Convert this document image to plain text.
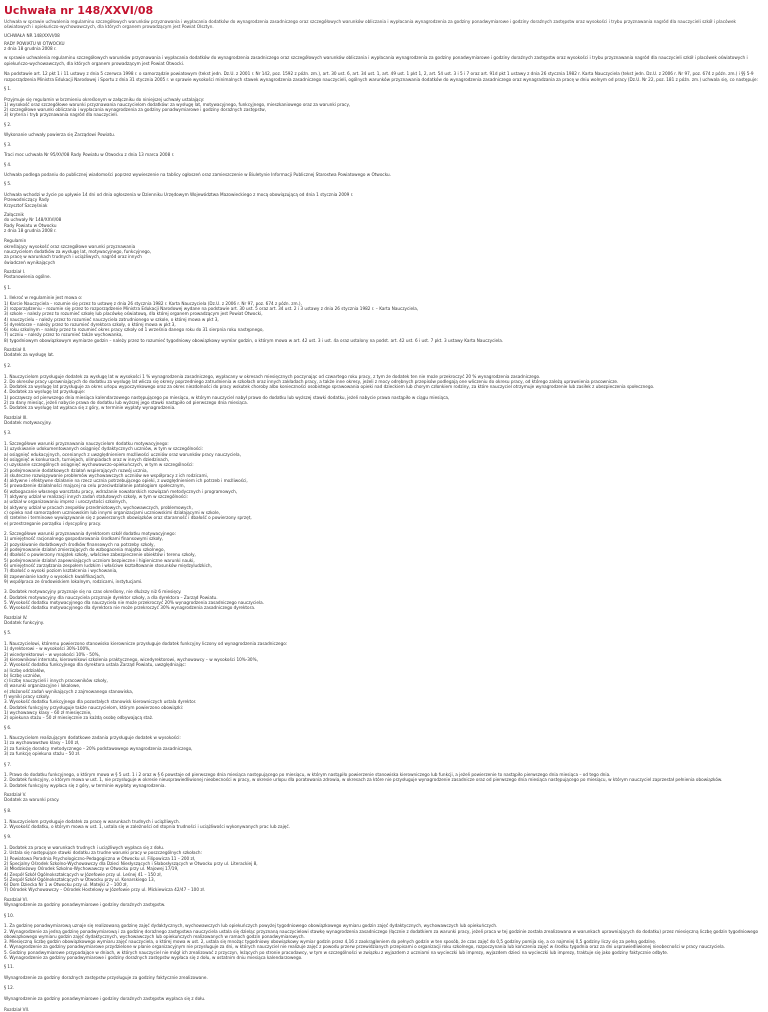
Uchwała nr 148/XXVI/08

Uchwała w sprawie uchwalenia regulaminu szczegółowych warunków przyznawania i wypłacania dodatków do wynagrodzenia zasadniczego oraz szczegółowych warunków obliczania i wypłacania wynagrodzenia za godziny ponadwymiarowe i godziny doraźnych zastępstw oraz wysokości i trybu przyznawania nagród dla nauczycieli szkół i placówek oświatowych i opiekuńczo-wychowawczych, dla których organem prowadzącym jest Powiat Olsztyn.

UCHWAŁA NR 148/XXVI/08

RADY POWIATU W OTWOCKU
z dnia 18 grudnia 2008 r.

w sprawie uchwalenia regulaminu szczegółowych warunków przyznawania i wypłacania dodatków do wynagrodzenia zasadniczego oraz szczegółowych warunków obliczania i wypłacania wynagrodzenia za godziny ponadwymiarowe i godziny doraźnych zastępstw oraz wysokości i trybu przyznawania nagród dla nauczycieli szkół i placówek oświatowych i opiekuńczo-wychowawczych, dla których organem prowadzącym jest Powiat Otwocki.

Na podstawie art. 12 pkt 1 i 11 ustawy z dnia 5 czerwca 1998 r. o samorządzie powiatowym (tekst jedn. Dz.U. z 2001 r. Nr 142, poz. 1592 z późn. zm.), art. 30 ust. 6, art. 34 ust. 1, art. 49 ust. 1 pkt 1, 2, art. 54 ust. 3 i 5 i 7 oraz art. 91d pkt 1 ustawy z dnia 26 stycznia 1982 r. Karta Nauczyciela (tekst jedn. Dz.U. z 2006 r. Nr 97, poz. 674 z późn. zm.) i §§ 5-9 rozporządzenia Ministra Edukacji Narodowej i Sportu z dnia 31 stycznia 2005 r. w sprawie wysokości minimalnych stawek wynagrodzenia zasadniczego nauczycieli, ogólnych warunków przyznawania dodatków do wynagrodzenia zasadniczego oraz wynagradzania za pracę w dniu wolnym od pracy (Dz.U. Nr 22, poz. 181 z późn. zm.) uchwala się, co następuje:

§ 1.

Przyjmuje się regulamin w brzmieniu określonym w załączniku do niniejszej uchwały ustalający:
1) wysokość oraz szczegółowe warunki przyznawania nauczycielom dodatków: za wysługę lat, motywacyjnego, funkcyjnego, mieszkaniowego oraz za warunki pracy,
2) szczegółowe warunki obliczania i wypłacania wynagrodzenia za godziny ponadwymiarowe i godziny doraźnych zastępstw,
3) kryteria i tryb przyznawania nagród dla nauczycieli.

§ 2.

Wykonanie uchwały powierza się Zarządowi Powiatu.

§ 3.

Traci moc uchwała Nr 95/XV/08 Rady Powiatu w Otwocku z dnia 13 marca 2008 r.

§ 4.

Uchwała podlega podaniu do publicznej wiadomości poprzez wywieszenie na tablicy ogłoszeń oraz zamieszczenie w Biuletynie Informacji Publicznej Starostwa Powiatowego w Otwocku.

§ 5.

Uchwała wchodzi w życie po upływie 14 dni od dnia ogłoszenia w Dzienniku Urzędowym Województwa Mazowieckiego z mocą obowiązującą od dnia 1 stycznia 2009 r.
Przewodniczący Rady
Krzysztof Szczęśniak

Załącznik
do uchwały Nr 148/XXVI/08
Rady Powiatu w Otwocku
z dnia 18 grudnia 2008 r.

Regulamin
określający wysokość oraz szczegółowe warunki przyznawania
nauczycielom dodatków za wysługę lat, motywacyjnego, funkcyjnego,
za pracę w warunkach trudnych i uciążliwych, nagród oraz innych
świadczeń wynikających

Rozdział I.
Postanowienia ogólne.

§ 1.

1. Ilekroć w regulaminie jest mowa o:
1) Karcie Nauczyciela – rozumie się przez to ustawę z dnia 26 stycznia 1982 r. Karta Nauczyciela (Dz.U. z 2006 r. Nr 97, poz. 674 z późn. zm.),
2) rozporządzeniu – rozumie się przez to rozporządzenie Ministra Edukacji Narodowej wydane na podstawie art. 30 ust. 5 oraz art. 34 ust. 2 i 3 ustawy z dnia 26 stycznia 1982 r. – Karta Nauczyciela,
3) szkole – należy przez to rozumieć szkołę lub placówkę oświatową, dla której organem prowadzącym jest Powiat Otwocki,
4) nauczycielu – należy przez to rozumieć nauczyciela zatrudnionego w szkole, o której mowa w pkt 3,
5) dyrektorze – należy przez to rozumieć dyrektora szkoły, o której mowa w pkt 3,
6) roku szkolnym – należy przez to rozumieć okres pracy szkoły od 1 września danego roku do 31 sierpnia roku następnego,
7) uczniu – należy przez to rozumieć także wychowanka,
8) tygodniowym obowiązkowym wymiarze godzin – należy przez to rozumieć tygodniowy obowiązkowy wymiar godzin, o którym mowa w art. 42 ust. 3 i ust. 4a oraz ustalony na podst. art. 42 ust. 6 i ust. 7 pkt. 3 ustawy Karta Nauczyciela.

Rozdział II.
Dodatek za wysługę lat.

§ 2.

1. Nauczycielom przysługuje dodatek za wysługę lat w wysokości 1 % wynagrodzenia zasadniczego, wypłacany w okresach miesięcznych poczynając od czwartego roku pracy, z tym że dodatek ten nie może przekroczyć 20 % wynagrodzenia zasadniczego.
2. Do okresów pracy uprawniających do dodatku za wysługę lat wlicza się okresy poprzedniego zatrudnienia w szkołach oraz innych zakładach pracy, a także inne okresy, jeżeli z mocy odrębnych przepisów podlegają one wliczeniu do okresu pracy, od którego zależą uprawnienia pracownicze.
3. Dodatek za wysługę lat przysługuje za okres urlopu wypoczynkowego oraz za okres niezdolności do pracy wskutek choroby albo konieczności osobistego sprawowania opieki nad dzieckiem lub chorym członkiem rodziny, za które nauczyciel otrzymuje wynagrodzenie lub zasiłek z ubezpieczenia społecznego.
4. Dodatek za wysługę lat przysługuje:
1) począwszy od pierwszego dnia miesiąca kalendarzowego następującego po miesiącu, w którym nauczyciel nabył prawo do dodatku lub wyższej stawki dodatku, jeżeli nabycie prawa nastąpiło w ciągu miesiąca,
2) za dany miesiąc, jeżeli nabycie prawa do dodatku lub wyższej jego stawki nastąpiło od pierwszego dnia miesiąca.
5. Dodatek za wysługę lat wypłaca się z góry, w terminie wypłaty wynagrodzenia.

Rozdział III.
Dodatek motywacyjny.

§ 3.

1. Szczegółowe warunki przyznawania nauczycielom dodatku motywacyjnego:
1) uzyskiwanie udokumentowanych osiągnięć dydaktycznych uczniów, w tym w szczególności:
a) osiągnięć edukacyjnych, ocenianych z uwzględnieniem możliwości uczniów oraz warunków pracy nauczyciela,
b) osiągnięć w konkursach, turniejach, olimpiadach oraz w innych dziedzinach,
c) uzyskanie szczególnych osiągnięć wychowawczo-opiekuńczych, w tym w szczególności:
2) podejmowanie dodatkowych działań wspierających rozwój ucznia,
3) skuteczne rozwiązywanie problemów wychowawczych uczniów we współpracy z ich rodzicami,
4) aktywne i efektywne działanie na rzecz ucznia potrzebującego opieki, z uwzględnieniem ich potrzeb i możliwości,
5) prowadzenie działalności mającej na celu przeciwdziałanie patologiom społecznym,
6) wzbogacanie własnego warsztatu pracy, wdrażanie nowatorskich rozwiązań metodycznych i programowych,
7) aktywny udział w realizacji innych zadań statutowych szkoły, w tym w szczególności:
a) udział w organizowaniu imprez i uroczystości szkolnych,
b) aktywny udział w pracach zespołów przedmiotowych, wychowawczych, problemowych,
c) opieka nad samorządem uczniowskim lub innymi organizacjami uczniowskimi działającymi w szkole,
d) rzetelne i terminowe wywiązywanie się z powierzonych obowiązków oraz staranność i dbałość o powierzony sprzęt,
e) przestrzeganie porządku i dyscypliny pracy.

2. Szczegółowe warunki przyznawania dyrektorom szkół dodatku motywacyjnego:
1) umiejętność racjonalnego gospodarowania środkami finansowymi szkoły,
2) pozyskiwanie dodatkowych środków finansowych na potrzeby szkoły,
3) podejmowanie działań zmierzających do wzbogacenia majątku szkolnego,
4) dbałość o powierzony majątek szkoły, właściwe zabezpieczenie obiektów i terenu szkoły,
5) podejmowanie działań zapewniających uczniom bezpieczne i higieniczne warunki nauki,
6) umiejętność zarządzania zespołem ludzkim i właściwe kształtowanie stosunków międzyludzkich,
7) dbałość o wysoki poziom kształcenia i wychowania,
8) zapewnianie kadry o wysokich kwalifikacjach,
9) współpraca ze środowiskiem lokalnym, rodzicami, instytucjami.

3. Dodatek motywacyjny przyznaje się na czas określony, nie dłuższy niż 6 miesięcy.
4. Dodatek motywacyjny dla nauczyciela przyznaje dyrektor szkoły, a dla dyrektora – Zarząd Powiatu.
5. Wysokość dodatku motywacyjnego dla nauczyciela nie może przekroczyć 20% wynagrodzenia zasadniczego nauczyciela.
6. Wysokość dodatku motywacyjnego dla dyrektora nie może przekroczyć 30% wynagrodzenia zasadniczego dyrektora.

Rozdział IV.
Dodatek funkcyjny.

§ 5.

1. Nauczycielowi, któremu powierzono stanowisko kierownicze przysługuje dodatek funkcyjny liczony od wynagrodzenia zasadniczego:
1) dyrektorowi – w wysokości 30%-100%,
2) wicedyrektorowi – w wysokości 10% - 50%,
3) kierownikowi internatu, kierownikowi szkolenia praktycznego, wicedyrektorowi, wychowawcy – w wysokości 10%-30%,
2. Wysokość dodatku funkcyjnego dla dyrektora ustala Zarząd Powiatu, uwzględniając:
a) liczbę oddziałów,
b) liczbę uczniów,
c) liczbę nauczycieli i innych pracowników szkoły,
d) warunki organizacyjne i lokalowe,
e) złożoność zadań wynikających z zajmowanego stanowiska,
f) wyniki pracy szkoły.
3. Wysokość dodatku funkcyjnego dla pozostałych stanowisk kierowniczych ustala dyrektor.
4. Dodatek funkcyjny przysługuje także nauczycielom, którym powierzono obowiązki:
1) wychowawcy klasy – 60 zł miesięcznie,
2) opiekuna stażu – 50 zł miesięcznie za każdą osobę odbywającą staż.

§ 6.

1. Nauczycielom realizującym dodatkowe zadania przysługuje dodatek w wysokości:
1) za wychowawstwo klasy – 100 zł,
2) za funkcję doradcy metodycznego – 20% podstawowego wynagrodzenia zasadniczego,
3) za funkcję opiekuna stażu – 50 zł.

§ 7.

1. Prawo do dodatku funkcyjnego, o którym mowa w § 5 ust. 1 i 2 oraz w § 6 powstaje od pierwszego dnia miesiąca następującego po miesiącu, w którym nastąpiło powierzenie stanowiska kierowniczego lub funkcji, a jeżeli powierzenie to nastąpiło pierwszego dnia miesiąca – od tego dnia.
2. Dodatek funkcyjny, o którym mowa w ust. 1, nie przysługuje w okresie nieusprawiedliwionej nieobecności w pracy, w okresie urlopu dla poratowania zdrowia, w okresach za które nie przysługuje wynagrodzenie zasadnicze oraz od pierwszego dnia miesiąca następującego po miesiącu, w którym nauczyciel zaprzestał pełnienia obowiązków.
3. Dodatek funkcyjny wypłaca się z góry, w terminie wypłaty wynagrodzenia.

Rozdział V.
Dodatek za warunki pracy.

§ 8.

1. Nauczycielom przysługuje dodatek za pracę w warunkach trudnych i uciążliwych.
2. Wysokość dodatku, o którym mowa w ust. 1, ustala się w zależności od stopnia trudności i uciążliwości wykonywanych prac lub zajęć.

§ 9.

1. Dodatek za pracę w warunkach trudnych i uciążliwych wypłaca się z dołu.
2. Ustala się następujące stawki dodatku za trudne warunki pracy w poszczególnych szkołach:
1) Powiatowa Poradnia Psychologiczno-Pedagogiczna w Otwocku ul. Filipowicza 11 – 200 zł,
2) Specjalny Ośrodek Szkolno-Wychowawczy dla Dzieci Niesłyszących i Słabosłyszących w Otwocku przy ul. Literackiej 8,
3) Młodzieżowy Ośrodek Szkolno-Wychowawczy w Otwocku przy ul. Majowej 17/19,
4) Zespół Szkół Ogólnokształcących w Józefowie przy ul. Leśnej 41 – 150 zł,
5) Zespół Szkół Ogólnokształcących w Otwocku przy ul. Konarskiego 13,
6) Dom Dziecka Nr 1 w Otwocku przy ul. Matejki 2 – 100 zł,
7) Ośrodek Wychowawczy – Ośrodek Hostelowy w Józefowie przy ul. Mickiewicza 42/47 – 100 zł.

Rozdział VI.
Wynagrodzenie za godziny ponadwymiarowe i godziny doraźnych zastępstw.

§ 10.

1. Za godzinę ponadwymiarową uznaje się realizowaną godzinę zajęć dydaktycznych, wychowawczych lub opiekuńczych powyżej tygodniowego obowiązkowego wymiaru godzin zajęć dydaktycznych, wychowawczych lub opiekuńczych.
2. Wynagrodzenie za jedną godzinę ponadwymiarową i za godzinę doraźnego zastępstwa nauczyciela ustala się dzieląc przyznaną nauczycielowi stawkę wynagrodzenia zasadniczego (łącznie z dodatkiem za warunki pracy, jeżeli praca w tej godzinie została zrealizowana w warunkach uprawniających do dodatku) przez miesięczną liczbę godzin tygodniowego obowiązkowego wymiaru godzin zajęć dydaktycznych, wychowawczych lub opiekuńczych realizowanych w ramach godzin ponadwymiarowych.
3. Miesięczną liczbę godzin obowiązkowego wymiaru zajęć nauczyciela, o której mowa w ust. 2, ustala się mnożąc tygodniowy obowiązkowy wymiar godzin przez 4,16 z zaokrągleniem do pełnych godzin w ten sposób, że czas zajęć do 0,5 godziny pomija się, a co najmniej 0,5 godziny liczy się za pełną godzinę.
4. Wynagrodzenie za godziny ponadwymiarowe przydzielone w planie organizacyjnym nie przysługuje za dni, w których nauczyciel nie realizuje zajęć z powodu przerw przewidzianych przepisami o organizacji roku szkolnego, rozpoczynania lub kończenia zajęć w środku tygodnia oraz za dni usprawiedliwionej nieobecności w pracy nauczyciela.
5. Godziny ponadwymiarowe przypadające w dniach, w których nauczyciel nie mógł ich zrealizować z przyczyn, leżących po stronie pracodawcy, w tym w szczególności w związku z wyjazdem z uczniami na wycieczki lub imprezy, wyjazdem dzieci na wycieczki lub imprezy, traktuje się jako godziny faktycznie odbyte.
6. Wynagrodzenie za godziny ponadwymiarowe i godziny doraźnych zastępstw wypłaca się z dołu, w ostatnim dniu miesiąca kalendarzowego.

§ 11.

Wynagrodzenie za godziny doraźnych zastępstw przysługuje za godziny faktycznie zrealizowane.

§ 12.

Wynagrodzenie za godziny ponadwymiarowe i godziny doraźnych zastępstw wypłaca się z dołu.

Rozdział VII.
